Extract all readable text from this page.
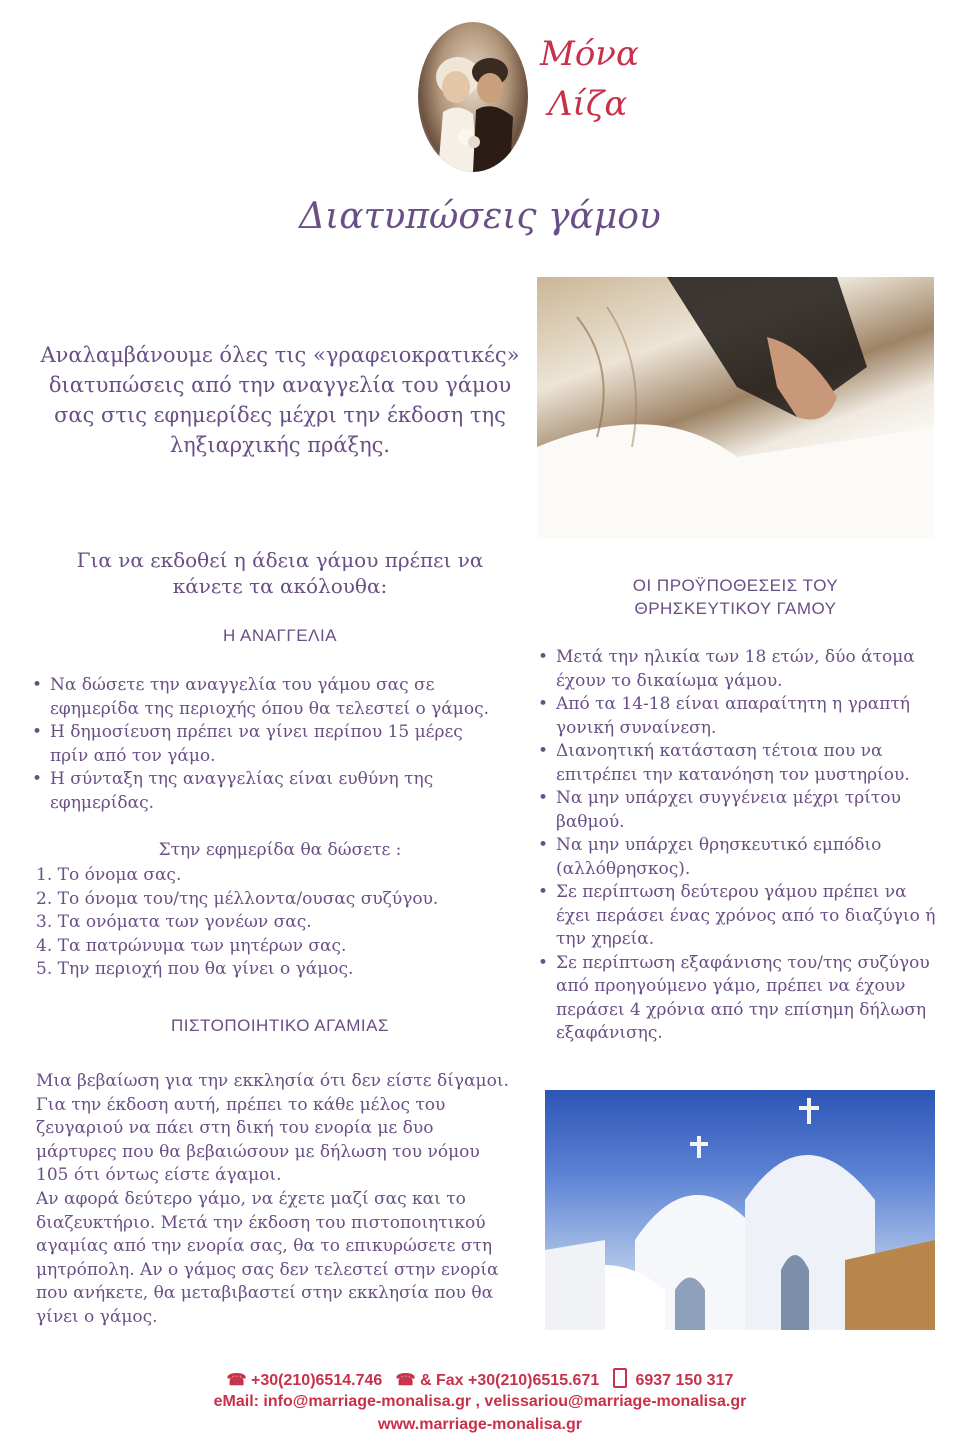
Μόνα
Λίζα
Διατυπώσεις γάμου
Αναλαμβάνουμε όλες τις «γραφειοκρατικές» διατυπώσεις από την αναγγελία του γάμου σας στις εφημερίδες μέχρι την έκδοση της ληξιαρχικής πράξης.
Για να εκδοθεί η άδεια γάμου πρέπει να κάνετε τα ακόλουθα:
Η ΑΝΑΓΓΕΛΙΑ
• Να δώσετε την αναγγελία του γάμου σας σε εφημερίδα της περιοχής όπου θα τελεστεί ο γάμος.
• Η δημοσίευση πρέπει να γίνει περίπου 15 μέρες πρίν από τον γάμο.
• Η σύνταξη της αναγγελίας είναι ευθύνη της εφημερίδας.
Στην εφημερίδα θα δώσετε :
1. Το όνομα σας.
2. Το όνομα του/της μέλλοντα/ουσας συζύγου.
3. Τα ονόματα των γονέων σας.
4. Τα πατρώνυμα των μητέρων σας.
5. Την περιοχή που θα γίνει ο γάμος.
ΠΙΣΤΟΠΟΙΗΤΙΚΟ ΑΓΑΜΙΑΣ
Μια βεβαίωση για την εκκλησία ότι δεν είστε δίγαμοι. Για την έκδοση αυτή, πρέπει το κάθε μέλος του ζευγαριού να πάει στη δική του ενορία με δυο μάρτυρες που θα βεβαιώσουν με δήλωση του νόμου 105 ότι όντως είστε άγαμοι.
Αν αφορά δεύτερο γάμο, να έχετε μαζί σας και το διαζευκτήριο. Μετά την έκδοση του πιστοποιητικού αγαμίας από την ενορία σας, θα το επικυρώσετε στη μητρόπολη. Αν ο γάμος σας δεν τελεστεί στην ενορία που ανήκετε, θα μεταβιβαστεί στην εκκλησία που θα γίνει ο γάμος.
ΟΙ ΠΡΟΫΠΟΘΕΣΕΙΣ ΤΟΥ
ΘΡΗΣΚΕΥΤΙΚΟΥ ΓΑΜΟΥ
• Μετά την ηλικία των 18 ετών, δύο άτομα έχουν το δικαίωμα γάμου.
• Από τα 14-18 είναι απαραίτητη η γραπτή γονική συναίνεση.
• Διανοητική κατάσταση τέτοια που να επιτρέπει την κατανόηση τον μυστηρίου.
• Να μην υπάρχει συγγένεια μέχρι τρίτου βαθμού.
• Να μην υπάρχει θρησκευτικό εμπόδιο (αλλόθρησκος).
• Σε περίπτωση δεύτερου γάμου πρέπει να έχει περάσει ένας χρόνος από το διαζύγιο ή την χηρεία.
• Σε περίπτωση εξαφάνισης του/της συζύγου από προηγούμενο γάμο, πρέπει να έχουν περάσει 4 χρόνια από την επίσημη δήλωση εξαφάνισης.
☎ +30(210)6514.746 ☎ & Fax +30(210)6515.671 6937 150 317
eMail: info@marriage-monalisa.gr , velissariou@marriage-monalisa.gr
www.marriage-monalisa.gr
